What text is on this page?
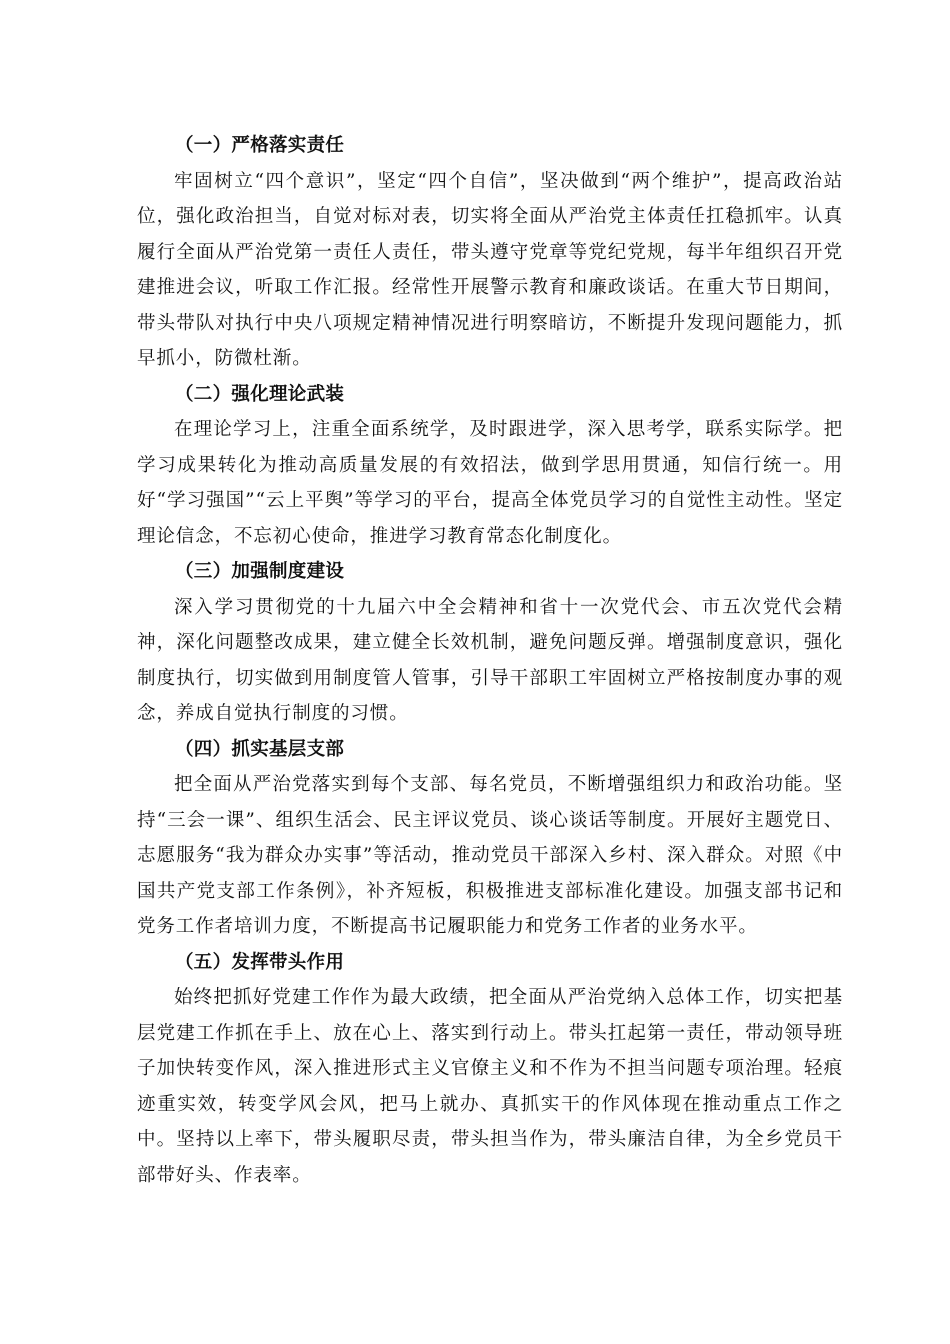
（一）严格落实责任

牢固树立“四个意识”，坚定“四个自信”，坚决做到“两个维护”，提高政治站位，强化政治担当，自觉对标对表，切实将全面从严治党主体责任扛稳抓牢。认真履行全面从严治党第一责任人责任，带头遵守党章等党纪党规，每半年组织召开党建推进会议，听取工作汇报。经常性开展警示教育和廉政谈话。在重大节日期间，带头带队对执行中央八项规定精神情况进行明察暗访，不断提升发现问题能力，抓早抓小，防微杜渐。

（二）强化理论武装

在理论学习上，注重全面系统学，及时跟进学，深入思考学，联系实际学。把学习成果转化为推动高质量发展的有效招法，做到学思用贯通，知信行统一。用好“学习强国”“云上平舆”等学习的平台，提高全体党员学习的自觉性主动性。坚定理论信念，不忘初心使命，推进学习教育常态化制度化。

（三）加强制度建设

深入学习贯彻党的十九届六中全会精神和省十一次党代会、市五次党代会精神，深化问题整改成果，建立健全长效机制，避免问题反弹。增强制度意识，强化制度执行，切实做到用制度管人管事，引导干部职工牢固树立严格按制度办事的观念，养成自觉执行制度的习惯。

（四）抓实基层支部

把全面从严治党落实到每个支部、每名党员，不断增强组织力和政治功能。坚持“三会一课”、组织生活会、民主评议党员、谈心谈话等制度。开展好主题党日、志愿服务“我为群众办实事”等活动，推动党员干部深入乡村、深入群众。对照《中国共产党支部工作条例》，补齐短板，积极推进支部标准化建设。加强支部书记和党务工作者培训力度，不断提高书记履职能力和党务工作者的业务水平。

（五）发挥带头作用

始终把抓好党建工作作为最大政绩，把全面从严治党纳入总体工作，切实把基层党建工作抓在手上、放在心上、落实到行动上。带头扛起第一责任，带动领导班子加快转变作风，深入推进形式主义官僚主义和不作为不担当问题专项治理。轻痕迹重实效，转变学风会风，把马上就办、真抓实干的作风体现在推动重点工作之中。坚持以上率下，带头履职尽责，带头担当作为，带头廉洁自律，为全乡党员干部带好头、作表率。
